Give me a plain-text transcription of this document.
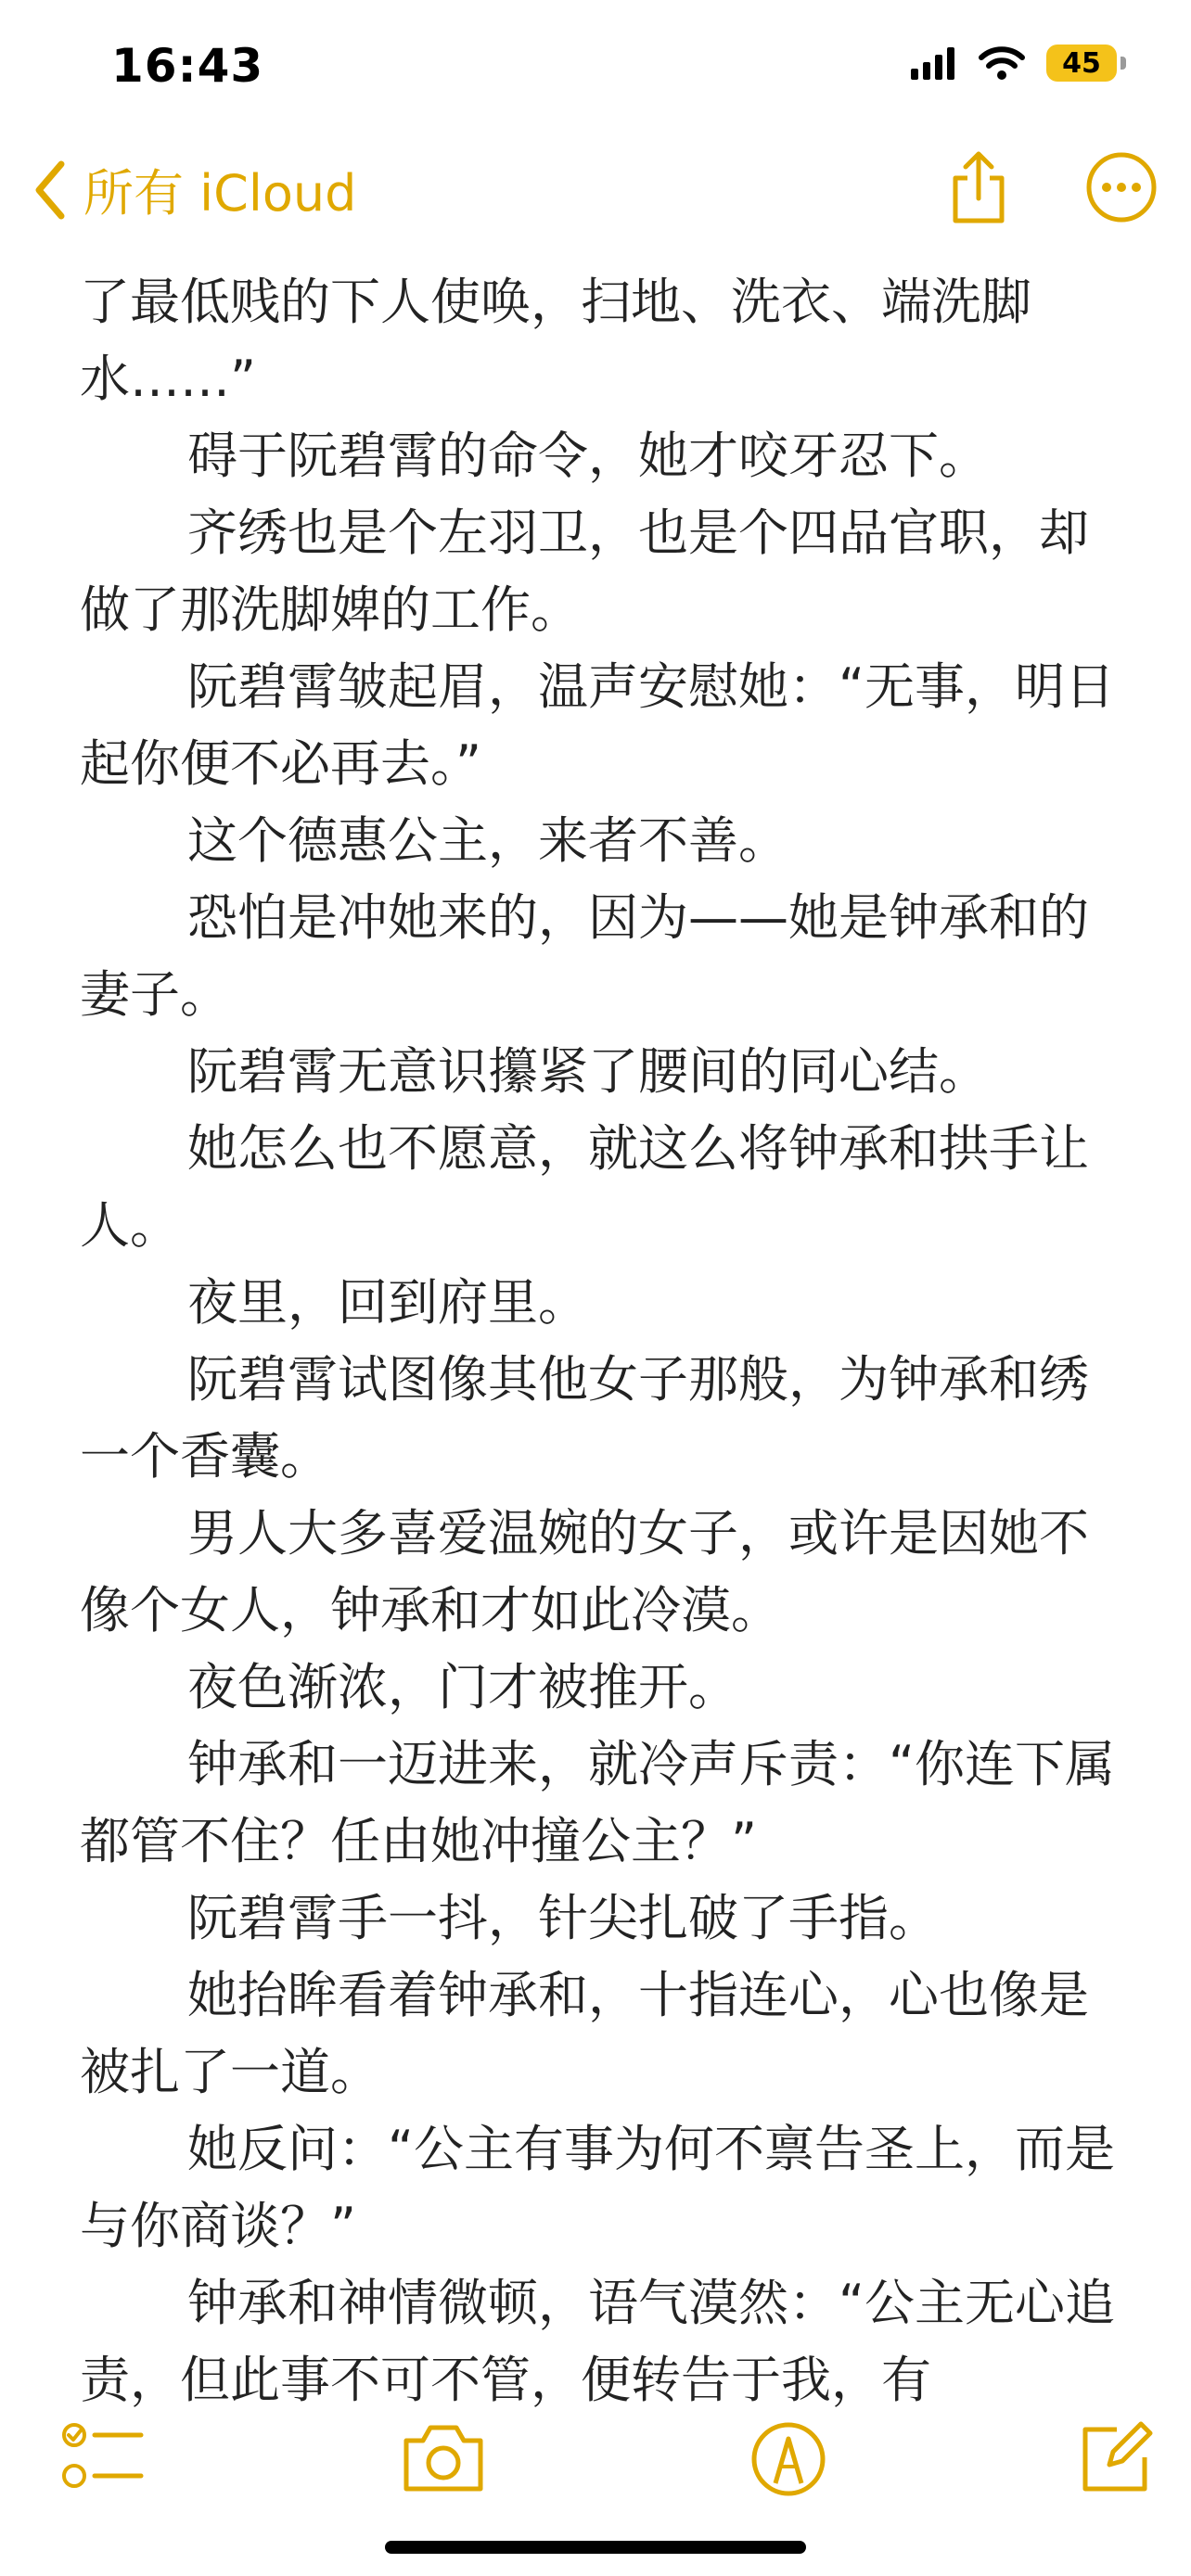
16:43	45
所有 iCloud

了最低贱的下人使唤，扫地、洗衣、端洗脚水……”

碍于阮碧霄的命令，她才咬牙忍下。

齐绣也是个左羽卫，也是个四品官职，却做了那洗脚婢的工作。

阮碧霄皱起眉，温声安慰她：“无事，明日起你便不必再去。”

这个德惠公主，来者不善。

恐怕是冲她来的，因为——她是钟承和的妻子。

阮碧霄无意识攥紧了腰间的同心结。

她怎么也不愿意，就这么将钟承和拱手让人。

夜里，回到府里。

阮碧霄试图像其他女子那般，为钟承和绣一个香囊。

男人大多喜爱温婉的女子，或许是因她不像个女人，钟承和才如此冷漠。

夜色渐浓，门才被推开。

钟承和一迈进来，就冷声斥责：“你连下属都管不住？任由她冲撞公主？”

阮碧霄手一抖，针尖扎破了手指。

她抬眸看着钟承和，十指连心，心也像是被扎了一道。

她反问：“公主有事为何不禀告圣上，而是与你商谈？”

钟承和神情微顿，语气漠然：“公主无心追责，但此事不可不管，便转告于我，有
